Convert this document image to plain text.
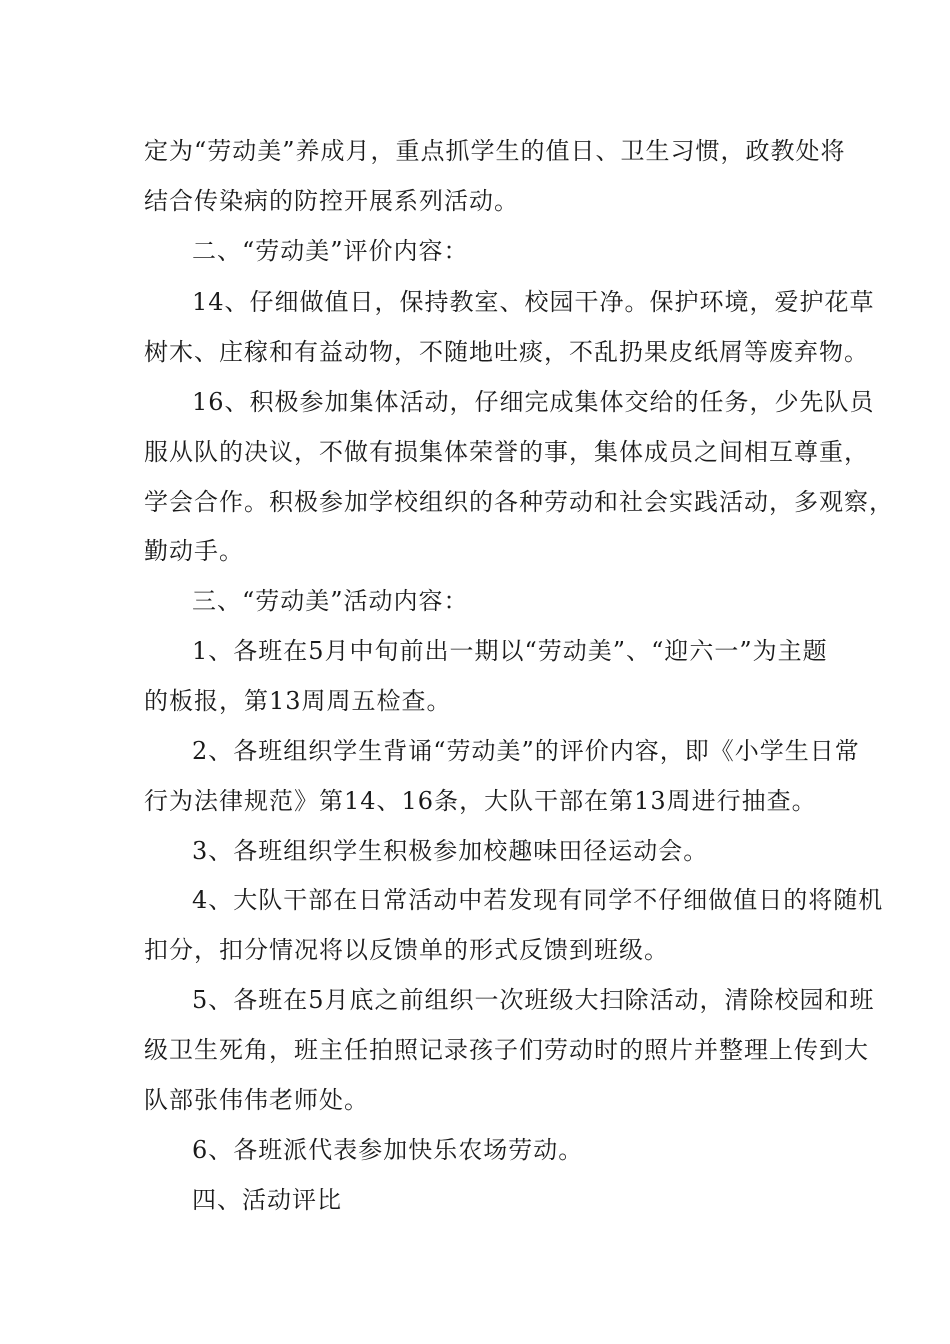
定为“劳动美”养成月，重点抓学生的值日、卫生习惯，政教处将
结合传染病的防控开展系列活动。
二、“劳动美”评价内容：
14、仔细做值日，保持教室、校园干净。保护环境，爱护花草
树木、庄稼和有益动物，不随地吐痰，不乱扔果皮纸屑等废弃物。
16、积极参加集体活动，仔细完成集体交给的任务，少先队员
服从队的决议，不做有损集体荣誉的事，集体成员之间相互尊重，
学会合作。积极参加学校组织的各种劳动和社会实践活动，多观察，
勤动手。
三、“劳动美”活动内容：
1、各班在5月中旬前出一期以“劳动美”、“迎六一”为主题
的板报，第13周周五检查。
2、各班组织学生背诵“劳动美”的评价内容，即《小学生日常
行为法律规范》第14、16条，大队干部在第13周进行抽查。
3、各班组织学生积极参加校趣味田径运动会。
4、大队干部在日常活动中若发现有同学不仔细做值日的将随机
扣分，扣分情况将以反馈单的形式反馈到班级。
5、各班在5月底之前组织一次班级大扫除活动，清除校园和班
级卫生死角，班主任拍照记录孩子们劳动时的照片并整理上传到大
队部张伟伟老师处。
6、各班派代表参加快乐农场劳动。
四、活动评比
